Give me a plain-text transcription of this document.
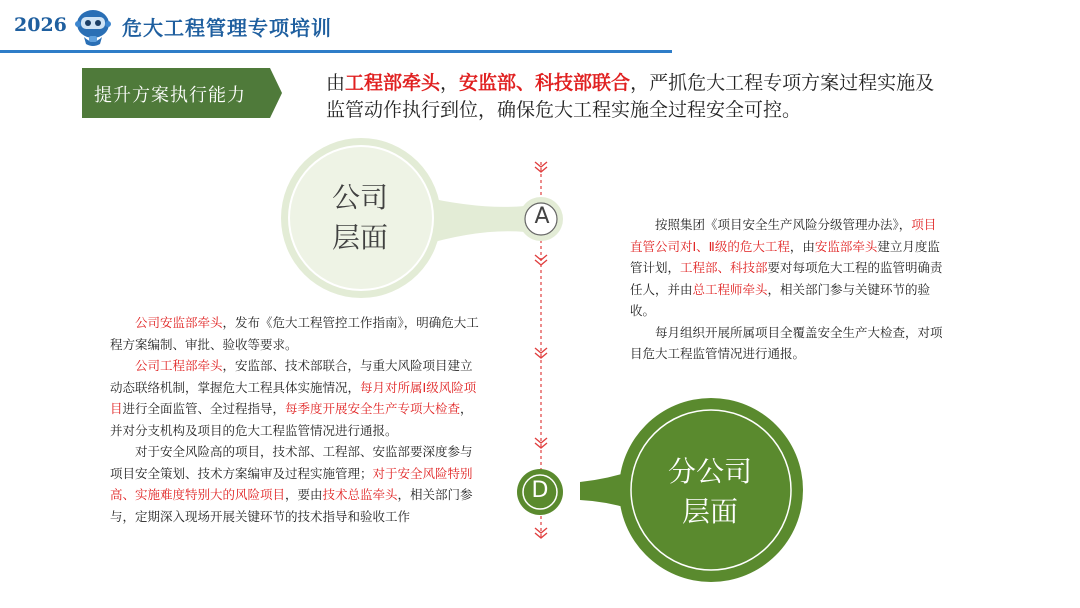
2026	危大工程管理专项培训
提升方案执行能力
由工程部牵头，安监部、科技部联合，严抓危大工程专项方案过程实施及监管动作执行到位，确保危大工程实施全过程安全可控。
公司
层面
A
分公司
层面
D

按照集团《项目安全生产风险分级管理办法》，项目直管公司对Ⅰ、Ⅱ级的危大工程，由安监部牵头建立月度监管计划，工程部、科技部要对每项危大工程的监管明确责任人，并由总工程师牵头，相关部门参与关键环节的验收。

每月组织开展所属项目全覆盖安全生产大检查，对项目危大工程监管情况进行通报。

公司安监部牵头，发布《危大工程管控工作指南》，明确危大工程方案编制、审批、验收等要求。

公司工程部牵头，安监部、技术部联合，与重大风险项目建立动态联络机制，掌握危大工程具体实施情况，每月对所属Ⅰ级风险项目进行全面监管、全过程指导，每季度开展安全生产专项大检查，并对分支机构及项目的危大工程监管情况进行通报。

对于安全风险高的项目，技术部、工程部、安监部要深度参与项目安全策划、技术方案编审及过程实施管理；对于安全风险特别高、实施难度特别大的风险项目，要由技术总监牵头，相关部门参与，定期深入现场开展关键环节的技术指导和验收工作
